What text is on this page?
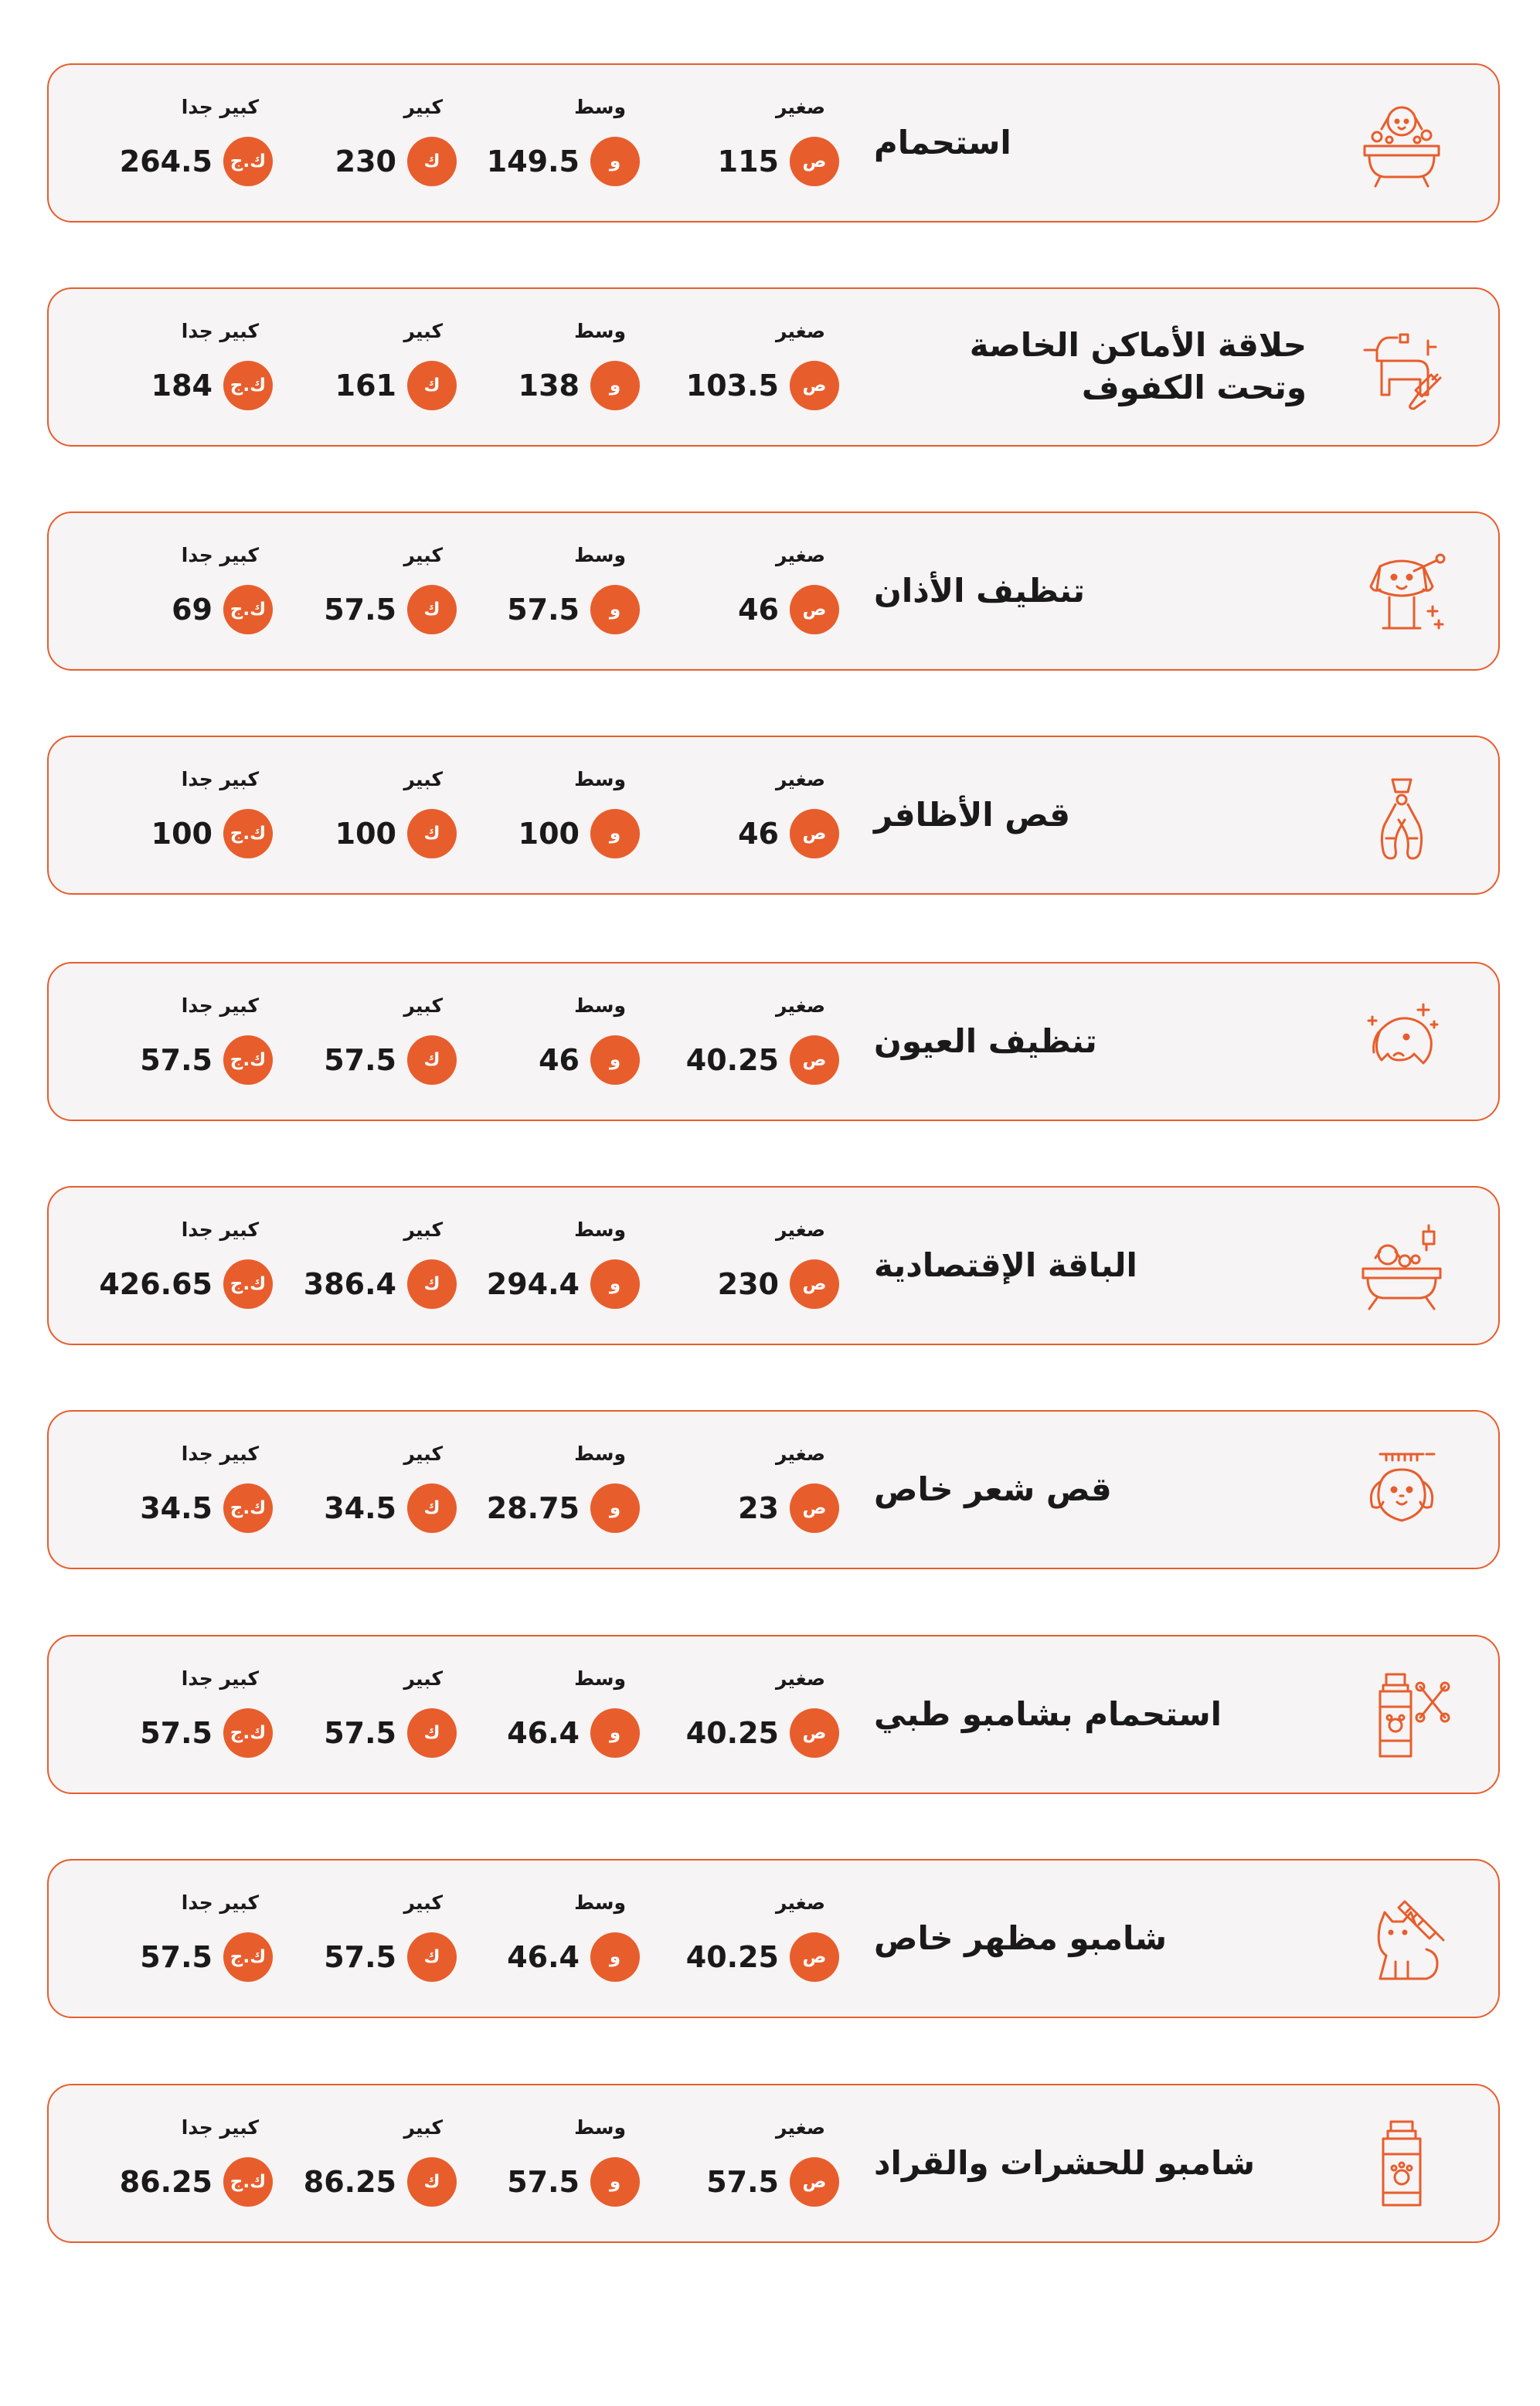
استحمام
صغير
ص
115
وسط
و
149.5
كبير
ك
230
كبير جدا
ك.ج
264.5
حلاقة الأماكن الخاصة وتحت الكفوف
صغير
ص
103.5
وسط
و
138
كبير
ك
161
كبير جدا
ك.ج
184
تنظيف الأذان
صغير
ص
46
وسط
و
57.5
كبير
ك
57.5
كبير جدا
ك.ج
69
قص الأظافر
صغير
ص
46
وسط
و
100
كبير
ك
100
كبير جدا
ك.ج
100
تنظيف العيون
صغير
ص
40.25
وسط
و
46
كبير
ك
57.5
كبير جدا
ك.ج
57.5
الباقة الإقتصادية
صغير
ص
230
وسط
و
294.4
كبير
ك
386.4
كبير جدا
ك.ج
426.65
قص شعر خاص
صغير
ص
23
وسط
و
28.75
كبير
ك
34.5
كبير جدا
ك.ج
34.5
استحمام بشامبو طبي
صغير
ص
40.25
وسط
و
46.4
كبير
ك
57.5
كبير جدا
ك.ج
57.5
شامبو مظهر خاص
صغير
ص
40.25
وسط
و
46.4
كبير
ك
57.5
كبير جدا
ك.ج
57.5
شامبو للحشرات والقراد
صغير
ص
57.5
وسط
و
57.5
كبير
ك
86.25
كبير جدا
ك.ج
86.25
